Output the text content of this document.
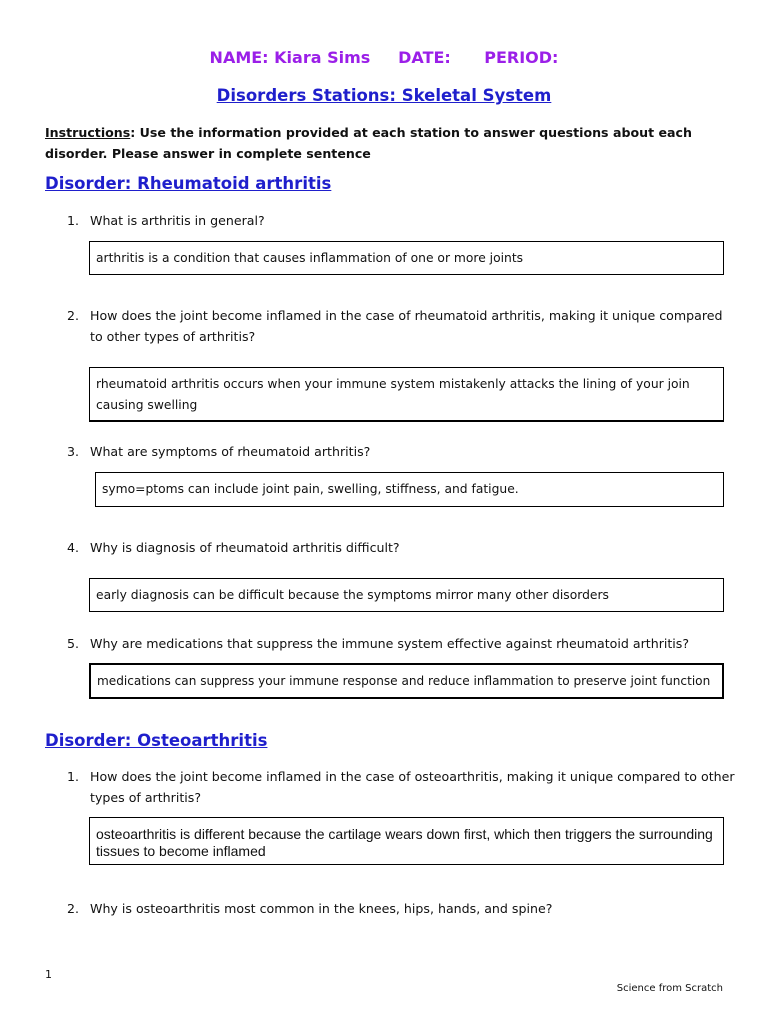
NAME: Kiara Sims DATE: PERIOD:
Disorders Stations: Skeletal System
Instructions: Use the information provided at each station to answer questions about each disorder. Please answer in complete sentence
Disorder: Rheumatoid arthritis
1. What is arthritis in general?
arthritis is a condition that causes inflammation of one or more joints
2. How does the joint become inflamed in the case of rheumatoid arthritis, making it unique compared to other types of arthritis?
rheumatoid arthritis occurs when your immune system mistakenly attacks the lining of your join causing swelling
3. What are symptoms of rheumatoid arthritis?
symo=ptoms can include joint pain, swelling, stiffness, and fatigue.
4. Why is diagnosis of rheumatoid arthritis difficult?
early diagnosis can be difficult because the symptoms mirror many other disorders
5. Why are medications that suppress the immune system effective against rheumatoid arthritis?
medications can suppress your immune response and reduce inflammation to preserve joint function
Disorder: Osteoarthritis
1. How does the joint become inflamed in the case of osteoarthritis, making it unique compared to other types of arthritis?
osteoarthritis is different because the cartilage wears down first, which then triggers the surrounding tissues to become inflamed
2. Why is osteoarthritis most common in the knees, hips, hands, and spine?
1
Science from Scratch
